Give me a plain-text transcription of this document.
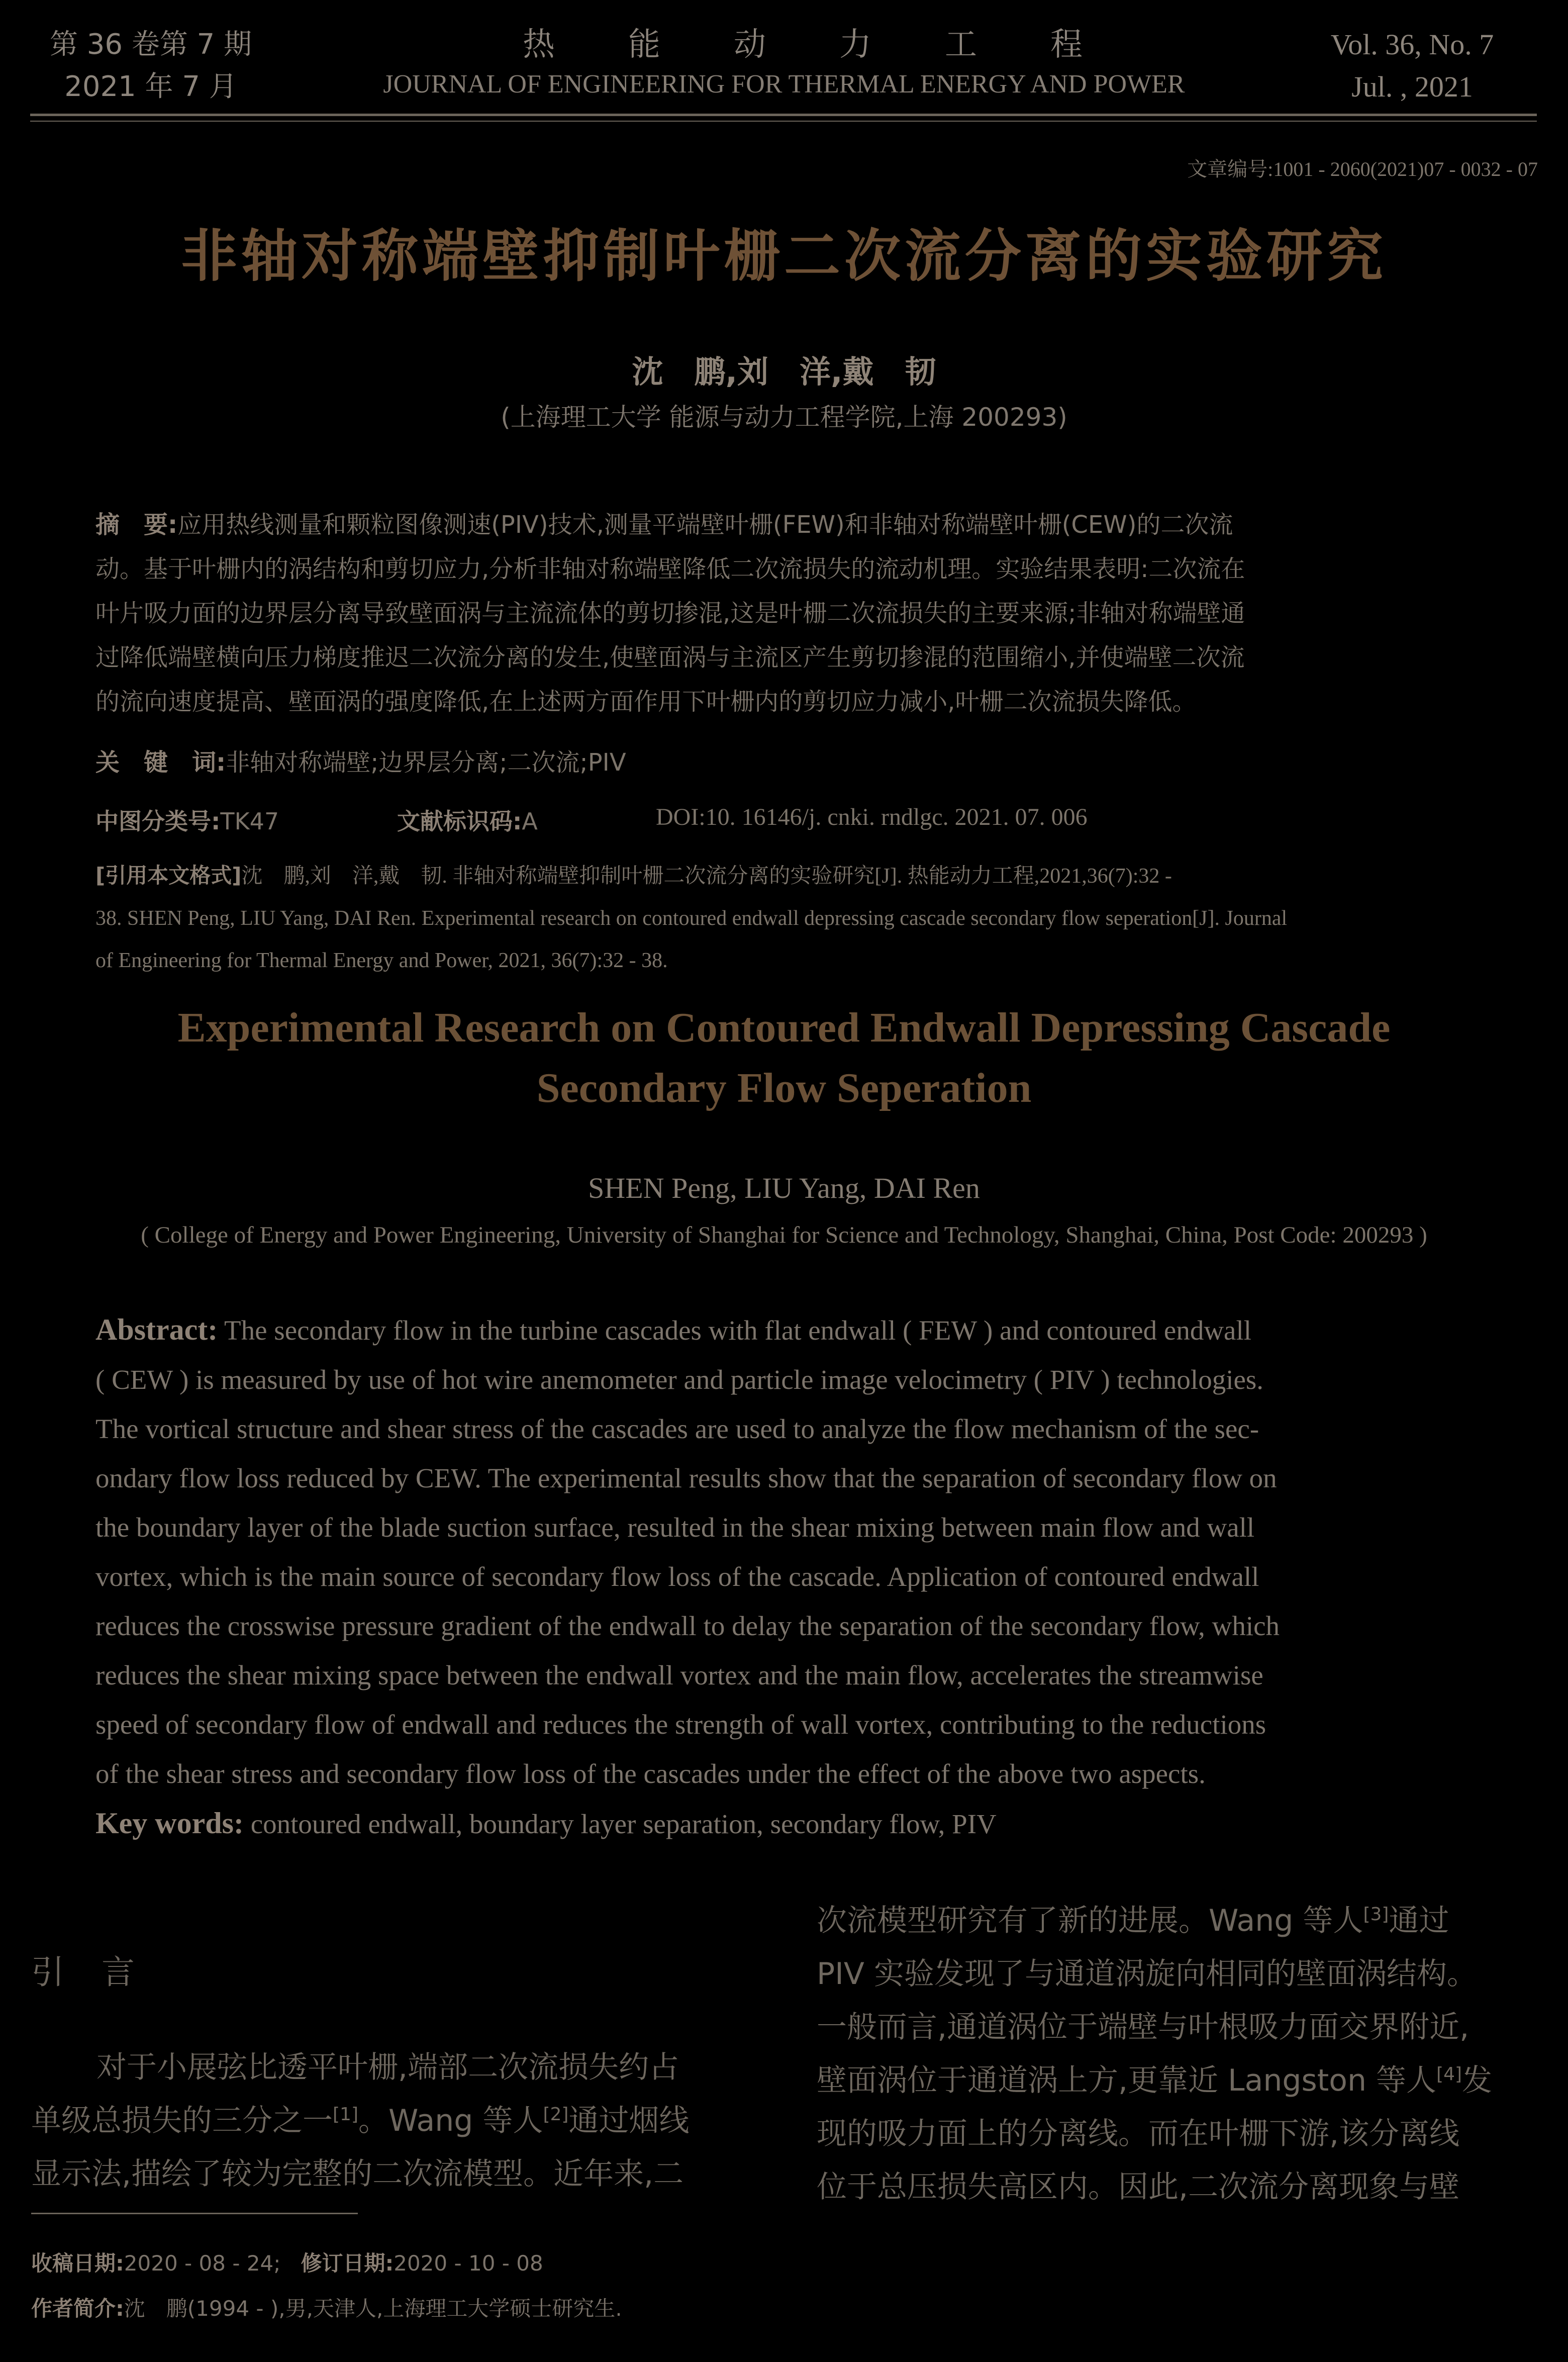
第 36 卷第 7 期
2021 年 7 月
热　　能　　动　　力　　工　　程
JOURNAL OF ENGINEERING FOR THERMAL ENERGY AND POWER
Vol. 36, No. 7
Jul. , 2021
文章编号:1001 - 2060(2021)07 - 0032 - 07
非轴对称端壁抑制叶栅二次流分离的实验研究
沈　鹏,刘　洋,戴　韧
(上海理工大学 能源与动力工程学院,上海 200293)
摘　要:应用热线测量和颗粒图像测速(PIV)技术,测量平端壁叶栅(FEW)和非轴对称端壁叶栅(CEW)的二次流
动。基于叶栅内的涡结构和剪切应力,分析非轴对称端壁降低二次流损失的流动机理。实验结果表明:二次流在
叶片吸力面的边界层分离导致壁面涡与主流流体的剪切掺混,这是叶栅二次流损失的主要来源;非轴对称端壁通
过降低端壁横向压力梯度推迟二次流分离的发生,使壁面涡与主流区产生剪切掺混的范围缩小,并使端壁二次流
的流向速度提高、壁面涡的强度降低,在上述两方面作用下叶栅内的剪切应力减小,叶栅二次流损失降低。
关　键　词:非轴对称端壁;边界层分离;二次流;PIV
中图分类号:TK47	文献标识码:A	DOI:10. 16146/j. cnki. rndlgc. 2021. 07. 006
[引用本文格式]沈　鹏,刘　洋,戴　韧. 非轴对称端壁抑制叶栅二次流分离的实验研究[J]. 热能动力工程,2021,36(7):32 -
38. SHEN Peng, LIU Yang, DAI Ren. Experimental research on contoured endwall depressing cascade secondary flow seperation[J]. Journal
of Engineering for Thermal Energy and Power, 2021, 36(7):32 - 38.
Experimental Research on Contoured Endwall Depressing Cascade
Secondary Flow Seperation
SHEN Peng, LIU Yang, DAI Ren
( College of Energy and Power Engineering, University of Shanghai for Science and Technology, Shanghai, China, Post Code: 200293 )
Abstract: The secondary flow in the turbine cascades with flat endwall ( FEW ) and contoured endwall
( CEW ) is measured by use of hot wire anemometer and particle image velocimetry ( PIV ) technologies.
The vortical structure and shear stress of the cascades are used to analyze the flow mechanism of the sec-
ondary flow loss reduced by CEW. The experimental results show that the separation of secondary flow on
the boundary layer of the blade suction surface, resulted in the shear mixing between main flow and wall
vortex, which is the main source of secondary flow loss of the cascade. Application of contoured endwall
reduces the crosswise pressure gradient of the endwall to delay the separation of the secondary flow, which
reduces the shear mixing space between the endwall vortex and the main flow, accelerates the streamwise
speed of secondary flow of endwall and reduces the strength of wall vortex, contributing to the reductions
of the shear stress and secondary flow loss of the cascades under the effect of the above two aspects.
Key words: contoured endwall, boundary layer separation, secondary flow, PIV
引　言
对于小展弦比透平叶栅,端部二次流损失约占
单级总损失的三分之一[1]。Wang 等人[2]通过烟线
显示法,描绘了较为完整的二次流模型。近年来,二
次流模型研究有了新的进展。Wang 等人[3]通过
PIV 实验发现了与通道涡旋向相同的壁面涡结构。
一般而言,通道涡位于端壁与叶根吸力面交界附近,
壁面涡位于通道涡上方,更靠近 Langston 等人[4]发
现的吸力面上的分离线。而在叶栅下游,该分离线
位于总压损失高区内。因此,二次流分离现象与壁
收稿日期:2020 - 08 - 24; 修订日期:2020 - 10 - 08
作者简介:沈　鹏(1994 - ),男,天津人,上海理工大学硕士研究生.
